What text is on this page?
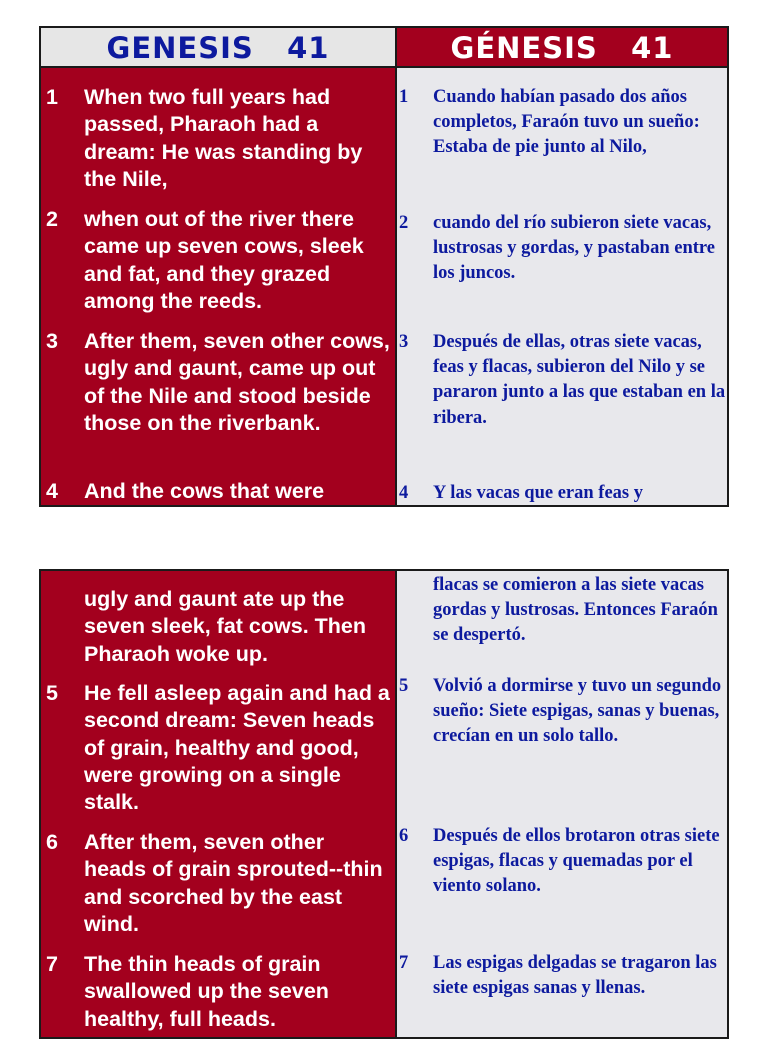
GENESIS   41	GÉNESIS   41
1 When two full years had passed, Pharaoh had a dream: He was standing by the Nile,
2 when out of the river there came up seven cows, sleek and fat, and they grazed among the reeds.
3 After them, seven other cows, ugly and gaunt, came up out of the Nile and stood beside those on the riverbank.
4 And the cows that were
1 Cuando habían pasado dos años completos, Faraón tuvo un sueño: Estaba de pie junto al Nilo,
2 cuando del río subieron siete vacas, lustrosas y gordas, y pastaban entre los juncos.
3 Después de ellas, otras siete vacas, feas y flacas, subieron del Nilo y se pararon junto a las que estaban en la ribera.
4 Y las vacas que eran feas y
ugly and gaunt ate up the seven sleek, fat cows. Then Pharaoh woke up.
5 He fell asleep again and had a second dream: Seven heads of grain, healthy and good, were growing on a single stalk.
6 After them, seven other heads of grain sprouted--thin and scorched by the east wind.
7 The thin heads of grain swallowed up the seven healthy, full heads.
flacas se comieron a las siete vacas gordas y lustrosas. Entonces Faraón se despertó.
5 Volvió a dormirse y tuvo un segundo sueño: Siete espigas, sanas y buenas, crecían en un solo tallo.
6 Después de ellos brotaron otras siete espigas, flacas y quemadas por el viento solano.
7 Las espigas delgadas se tragaron las siete espigas sanas y llenas.
